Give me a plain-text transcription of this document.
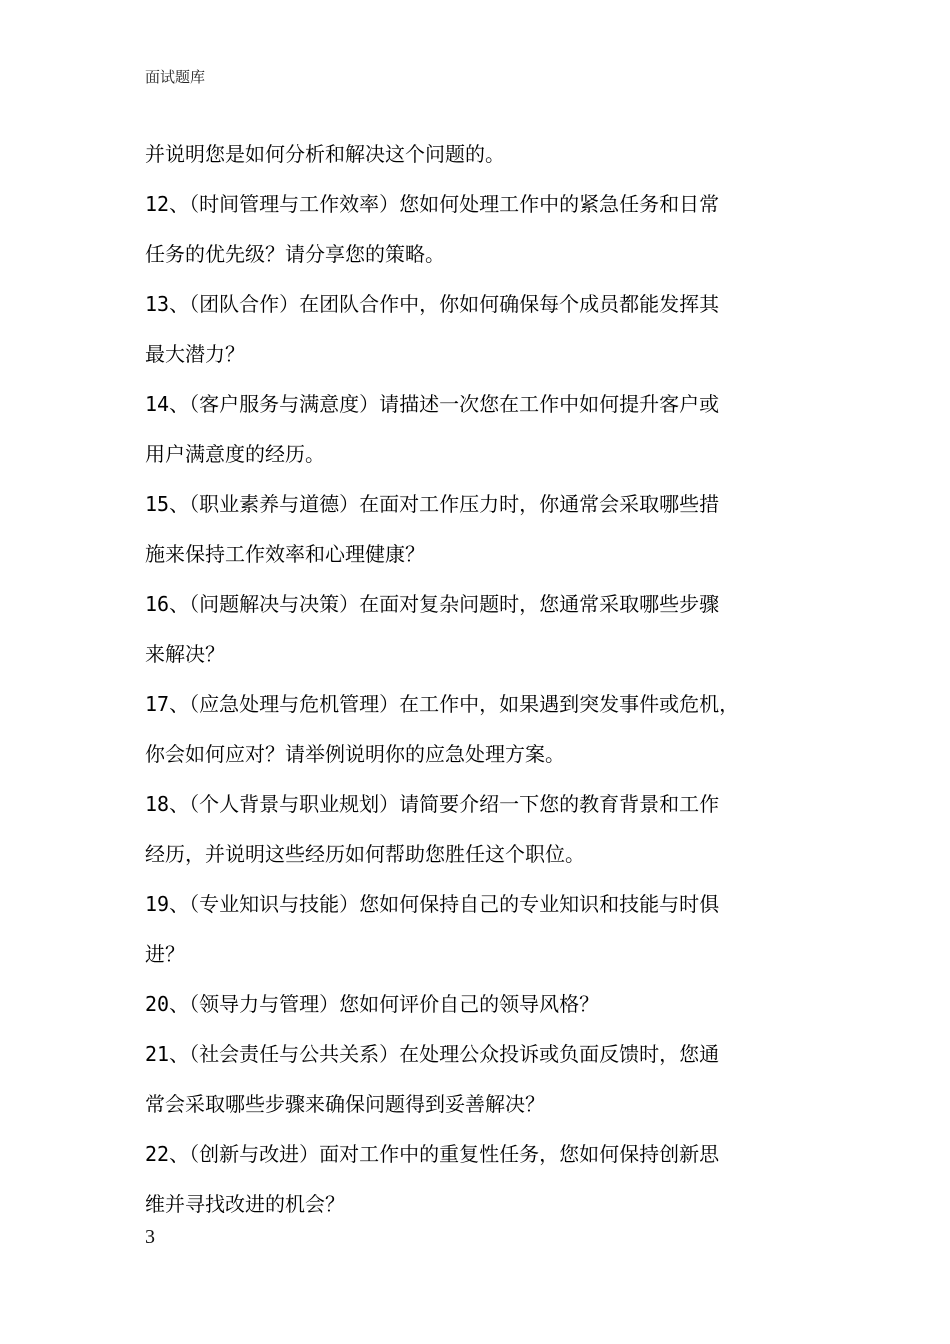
面试题库
并说明您是如何分析和解决这个问题的。
12、（时间管理与工作效率）您如何处理工作中的紧急任务和日常
任务的优先级？请分享您的策略。
13、（团队合作）在团队合作中，你如何确保每个成员都能发挥其
最大潜力？
14、（客户服务与满意度）请描述一次您在工作中如何提升客户或
用户满意度的经历。
15、（职业素养与道德）在面对工作压力时，你通常会采取哪些措
施来保持工作效率和心理健康？
16、（问题解决与决策）在面对复杂问题时，您通常采取哪些步骤
来解决？
17、（应急处理与危机管理）在工作中，如果遇到突发事件或危机，
你会如何应对？请举例说明你的应急处理方案。
18、（个人背景与职业规划）请简要介绍一下您的教育背景和工作
经历，并说明这些经历如何帮助您胜任这个职位。
19、（专业知识与技能）您如何保持自己的专业知识和技能与时俱
进？
20、（领导力与管理）您如何评价自己的领导风格？
21、（社会责任与公共关系）在处理公众投诉或负面反馈时，您通
常会采取哪些步骤来确保问题得到妥善解决？
22、（创新与改进）面对工作中的重复性任务，您如何保持创新思
维并寻找改进的机会？
3
